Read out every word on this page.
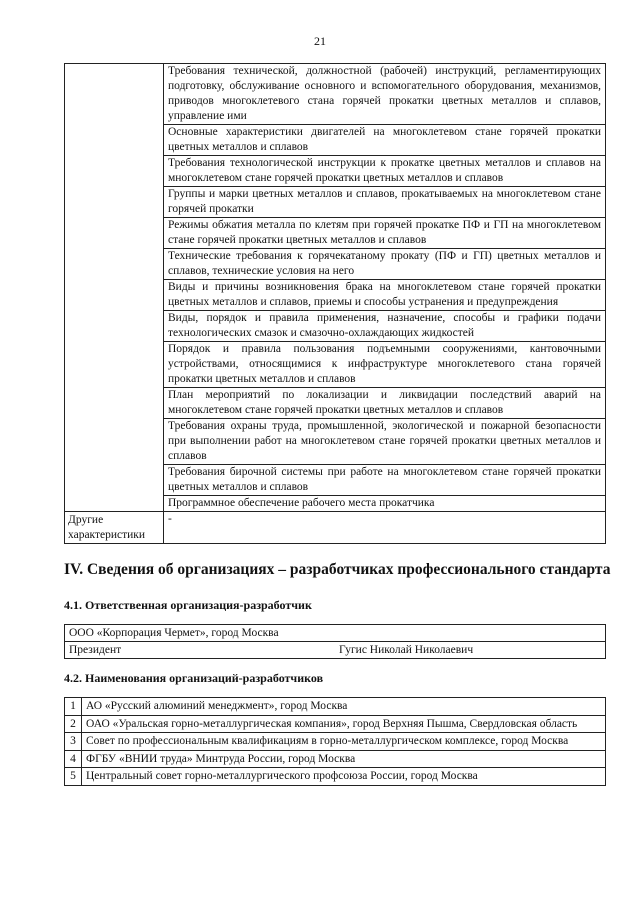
21
	Требования технической, должностной (рабочей) инструкций, регламентирующих подготовку, обслуживание основного и вспомогательного оборудования, механизмов, приводов многоклетевого стана горячей прокатки цветных металлов и сплавов, управление ими
	Основные характеристики двигателей на многоклетевом стане горячей прокатки цветных металлов и сплавов
	Требования технологической инструкции к прокатке цветных металлов и сплавов на многоклетевом стане горячей прокатки цветных металлов и сплавов
	Группы и марки цветных металлов и сплавов, прокатываемых на многоклетевом стане горячей прокатки
	Режимы обжатия металла по клетям при горячей прокатке ПФ и ГП на многоклетевом стане горячей прокатки цветных металлов и сплавов
	Технические требования к горячекатаному прокату (ПФ и ГП) цветных металлов и сплавов, технические условия на него
	Виды и причины возникновения брака на многоклетевом стане горячей прокатки цветных металлов и сплавов, приемы и способы устранения и предупреждения
	Виды, порядок и правила применения, назначение, способы и графики подачи технологических смазок и смазочно-охлаждающих жидкостей
	Порядок и правила пользования подъемными сооружениями, кантовочными устройствами, относящимися к инфраструктуре многоклетевого стана горячей прокатки цветных металлов и сплавов
	План мероприятий по локализации и ликвидации последствий аварий на многоклетевом стане горячей прокатки цветных металлов и сплавов
	Требования охраны труда, промышленной, экологической и пожарной безопасности при выполнении работ на многоклетевом стане горячей прокатки цветных металлов и сплавов
	Требования бирочной системы при работе на многоклетевом стане горячей прокатки цветных металлов и сплавов
	Программное обеспечение рабочего места прокатчика
Другие характеристики	-
IV. Сведения об организациях – разработчиках профессионального стандарта
4.1. Ответственная организация-разработчик
ООО «Корпорация Чермет», город Москва
Президент	Гугис Николай Николаевич
4.2. Наименования организаций-разработчиков
1	АО «Русский алюминий менеджмент», город Москва
2	ОАО «Уральская горно-металлургическая компания», город Верхняя Пышма, Свердловская область
3	Совет по профессиональным квалификациям в горно-металлургическом комплексе, город Москва
4	ФГБУ «ВНИИ труда» Минтруда России, город Москва
5	Центральный совет горно-металлургического профсоюза России, город Москва
